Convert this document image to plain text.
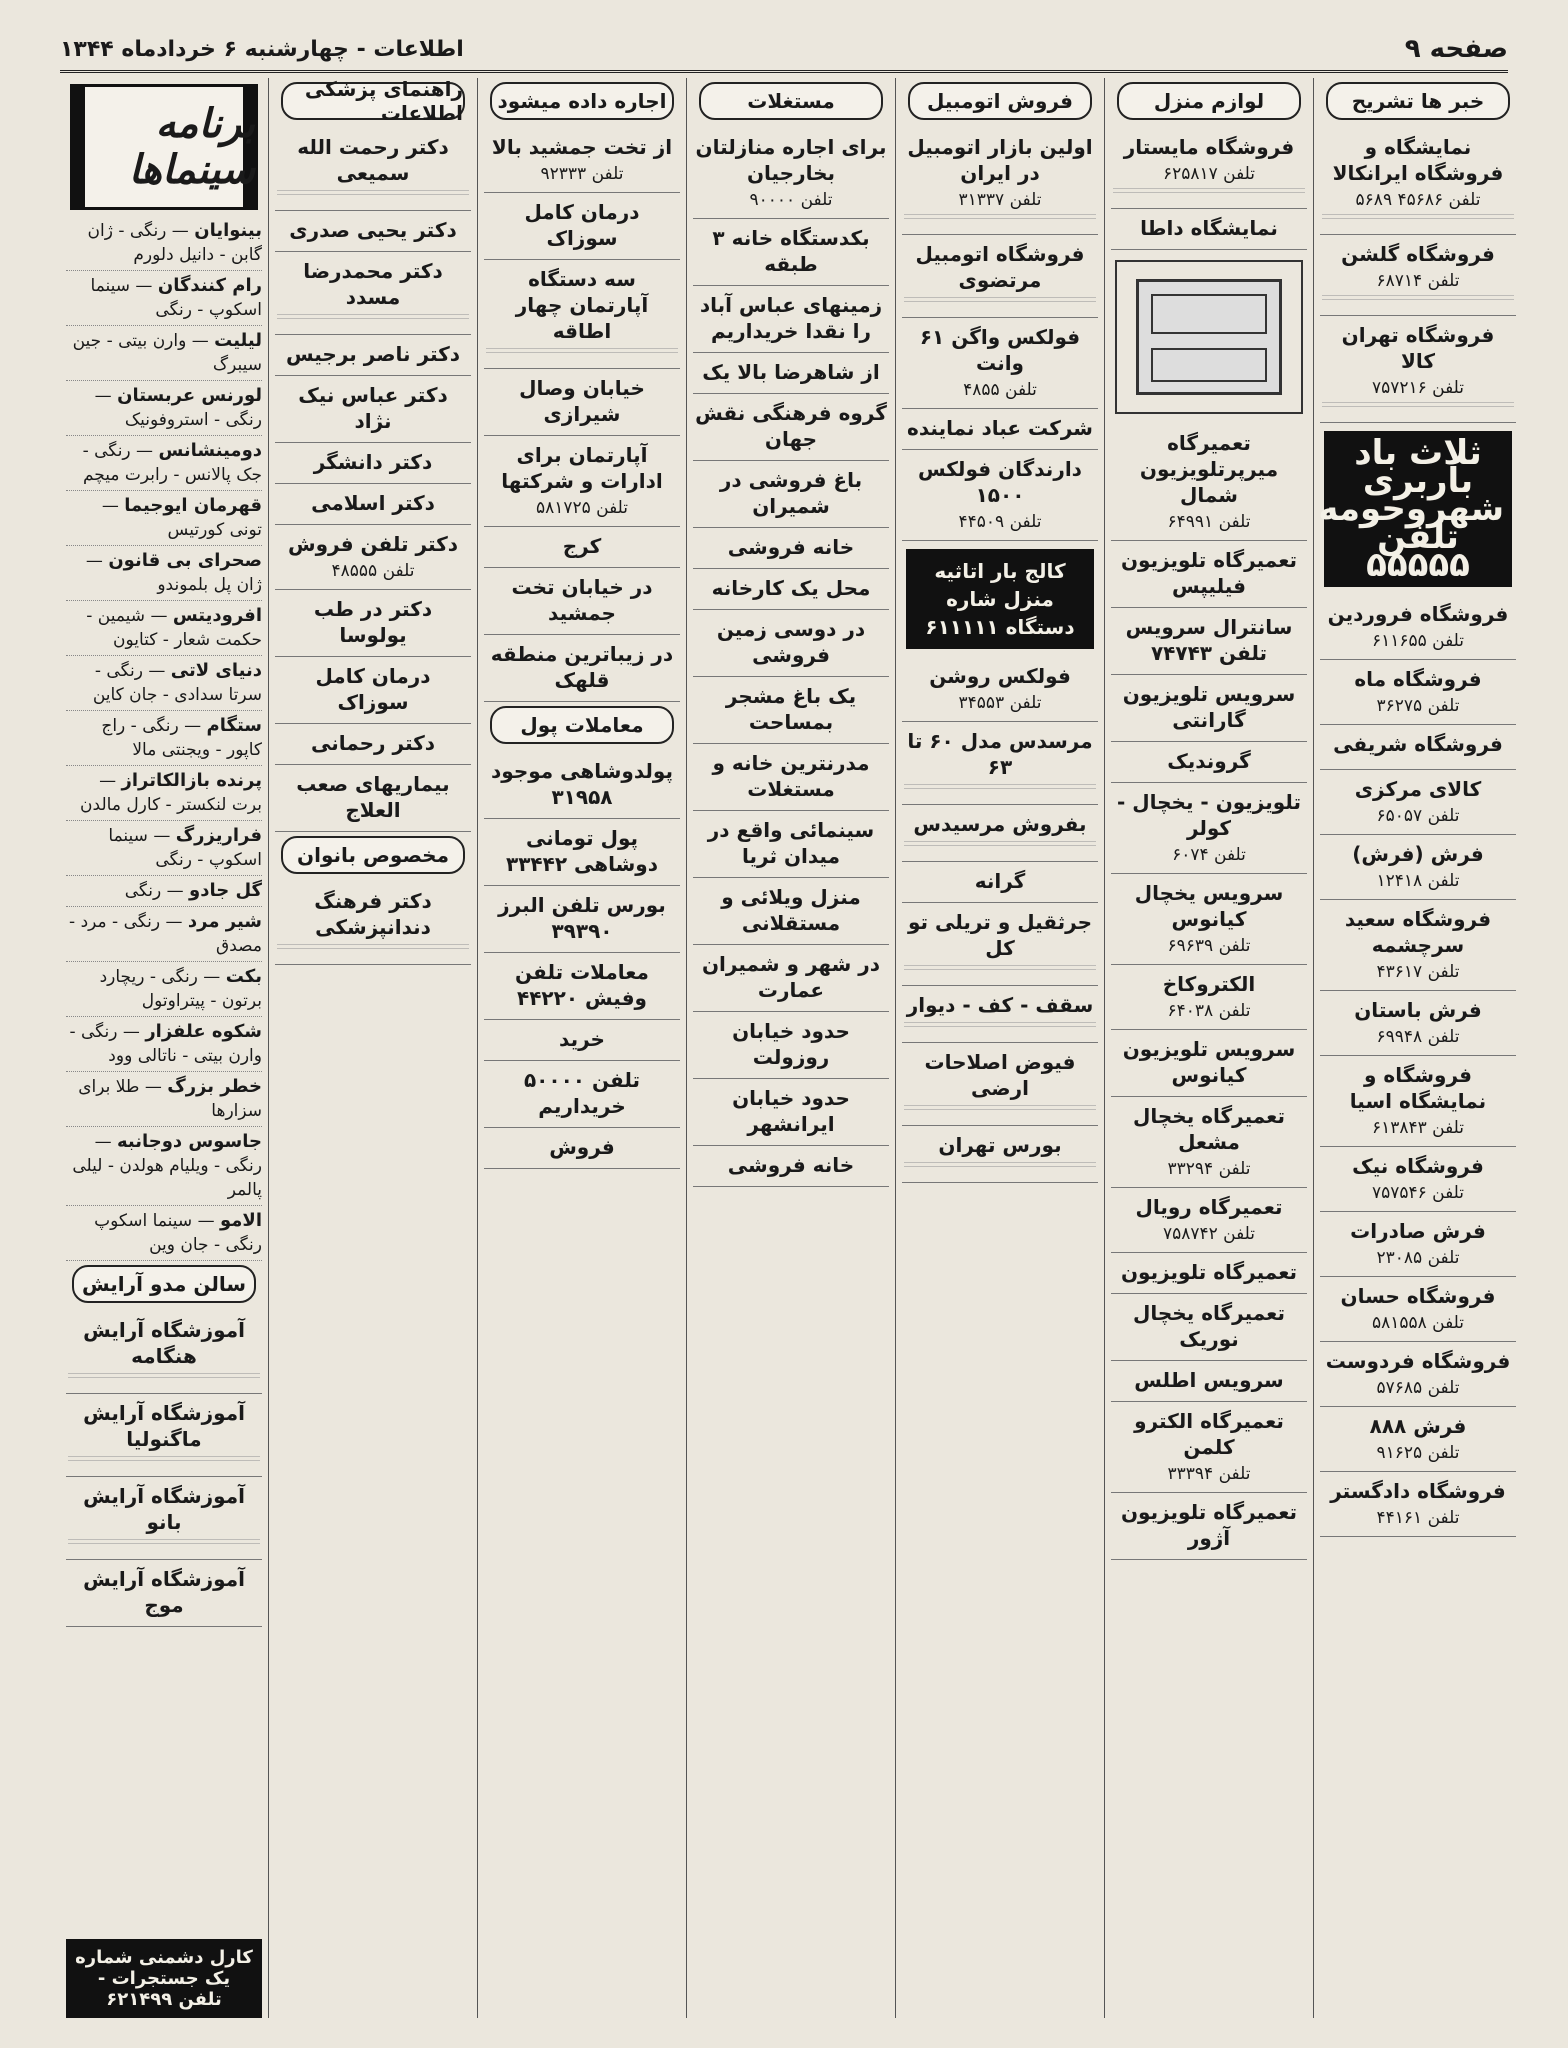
صفحه ۹
اطلاعات - چهارشنبه ۶ خردادماه ۱۳۴۴
خبر ها تشریح
نمایشگاه و فروشگاه ایرانکالا
تلفن ۴۵۶۸۶ ۵۶۸۹
فروشگاه گلشن
تلفن ۶۸۷۱۴
فروشگاه تهران کالا
تلفن ۷۵۷۲۱۶
ثلاث باد باربری شهروحومه تلفن ۵۵۵۵۵
فروشگاه فروردین
تلفن ۶۱۱۶۵۵
فروشگاه ماه
تلفن ۳۶۲۷۵
فروشگاه شریفی
کالای مرکزی
تلفن ۶۵۰۵۷
فرش (فرش)
تلفن ۱۲۴۱۸
فروشگاه سعید سرچشمه
تلفن ۴۳۶۱۷
فرش باستان
تلفن ۶۹۹۴۸
فروشگاه و نمایشگاه اسیا
تلفن ۶۱۳۸۴۳
فروشگاه نیک
تلفن ۷۵۷۵۴۶
فرش صادرات
تلفن ۲۳۰۸۵
فروشگاه حسان
تلفن ۵۸۱۵۵۸
فروشگاه فردوست
تلفن ۵۷۶۸۵
فرش ۸۸۸
تلفن ۹۱۶۲۵
فروشگاه دادگستر
تلفن ۴۴۱۶۱
لوازم منزل
فروشگاه مایستار
تلفن ۶۲۵۸۱۷
نمایشگاه داطا
تعمیرگاه میرپرتلویزیون شمال
تلفن ۶۴۹۹۱
تعمیرگاه تلویزیون فیلیپس
سانترال سرویس تلفن ۷۴۷۴۳
سرویس تلویزیون گارانتی
گروندیک
تلویزیون - یخچال - کولر
تلفن ۶۰۷۴
سرویس یخچال کیانوس
تلفن ۶۹۶۳۹
الکتروکاخ
تلفن ۶۴۰۳۸
سرویس تلویزیون کیانوس
تعمیرگاه یخچال مشعل
تلفن ۳۳۲۹۴
تعمیرگاه رویال
تلفن ۷۵۸۷۴۲
تعمیرگاه تلویزیون
تعمیرگاه یخچال نوریک
سرویس اطلس
تعمیرگاه الکترو کلمن
تلفن ۳۳۳۹۴
تعمیرگاه تلویزیون آژور
فروش اتومبیل
اولین بازار اتومبیل در ایران
تلفن ۳۱۳۳۷
فروشگاه اتومبیل مرتضوی
فولکس واگن ۶۱ وانت
تلفن ۴۸۵۵
شرکت عباد نماینده
دارندگان فولکس ۱۵۰۰
تلفن ۴۴۵۰۹
کالج بار اتاثیه منزل شاره دستگاه ۶۱۱۱۱۱
فولکس روشن
تلفن ۳۴۵۵۳
مرسدس مدل ۶۰ تا ۶۳
بفروش مرسیدس
گرانه
جرثقیل و تریلی تو کل
سقف - کف - دیوار
فیوض اصلاحات ارضی
بورس تهران
مستغلات
برای اجاره منازلتان بخارجیان
تلفن ۹۰۰۰۰
بکدستگاه خانه ۳ طبقه
زمینهای عباس آباد را نقدا خریداریم
از شاهرضا بالا یک
گروه فرهنگی نقش جهان
باغ فروشی در شمیران
خانه فروشی
محل یک کارخانه
در دوسی زمین فروشی
یک باغ مشجر بمساحت
مدرنترین خانه و مستغلات
سینمائی واقع در میدان ثریا
منزل ویلائی و مستقلانی
در شهر و شمیران عمارت
حدود خیابان روزولت
حدود خیابان ایرانشهر
خانه فروشی
اجاره داده میشود
از تخت جمشید بالا
تلفن ۹۲۳۳۳
درمان کامل سوزاک
سه دستگاه آپارتمان چهار اطاقه
خیابان وصال شیرازی
آپارتمان برای ادارات و شرکتها
تلفن ۵۸۱۷۲۵
کرج
در خیابان تخت جمشید
در زیباترین منطقه قلهک
معاملات پول
پولدوشاهی موجود ۳۱۹۵۸
پول تومانی دوشاهی ۳۳۴۴۲
بورس تلفن البرز ۳۹۳۹۰
معاملات تلفن وفیش ۴۴۲۲۰
خرید
تلفن ۵۰۰۰۰ خریداریم
فروش
راهنمای پزشکی اطلاعات
دکتر رحمت الله سمیعی
دکتر یحیی صدری
دکتر محمدرضا مسدد
دکتر ناصر برجیس
دکتر عباس نیک نژاد
دکتر دانشگر
دکتر اسلامی
دکتر تلفن فروش
تلفن ۴۸۵۵۵
دکتر در طب یولوسا
درمان کامل سوزاک
دکتر رحمانی
بیماریهای صعب العلاج
مخصوص بانوان
دکتر فرهنگ دندانپزشکی
برنامه سینماها
بینوایان — رنگی - ژان گابن - دانیل دلورم
رام کنندگان — سینما اسکوپ - رنگی
لیلیت — وارن بیتی - جین سیبرگ
لورنس عربستان — رنگی - استروفونیک
دومینشانس — رنگی - جک پالانس - رابرت میچم
قهرمان ایوجیما — تونی کورتیس
صحرای بی قانون — ژان پل بلموندو
افرودیتس — شیمین - حکمت شعار - کتایون
دنیای لاتی — رنگی - سرتا سدادی - جان کاین
ستگام — رنگی - راج کاپور - ویجنتی مالا
پرنده بازالکاتراز — برت لنکستر - کارل مالدن
فراریزرگ — سینما اسکوپ - رنگی
گل جادو — رنگی
شیر مرد — رنگی - مرد - مصدق
بکت — رنگی - ریچارد برتون - پیتراوتول
شکوه علفزار — رنگی - وارن بیتی - ناتالی وود
خطر بزرگ — طلا برای سزارها
جاسوس دوجانبه — رنگی - ویلیام هولدن - لیلی پالمر
الامو — سینما اسکوپ رنگی - جان وین
سالن مدو آرایش
آموزشگاه آرایش هنگامه
آموزشگاه آرایش ماگنولیا
آموزشگاه آرایش بانو
آموزشگاه آرایش موج
کارل دشمنی شماره یک جستجرات - تلفن ۶۲۱۴۹۹
